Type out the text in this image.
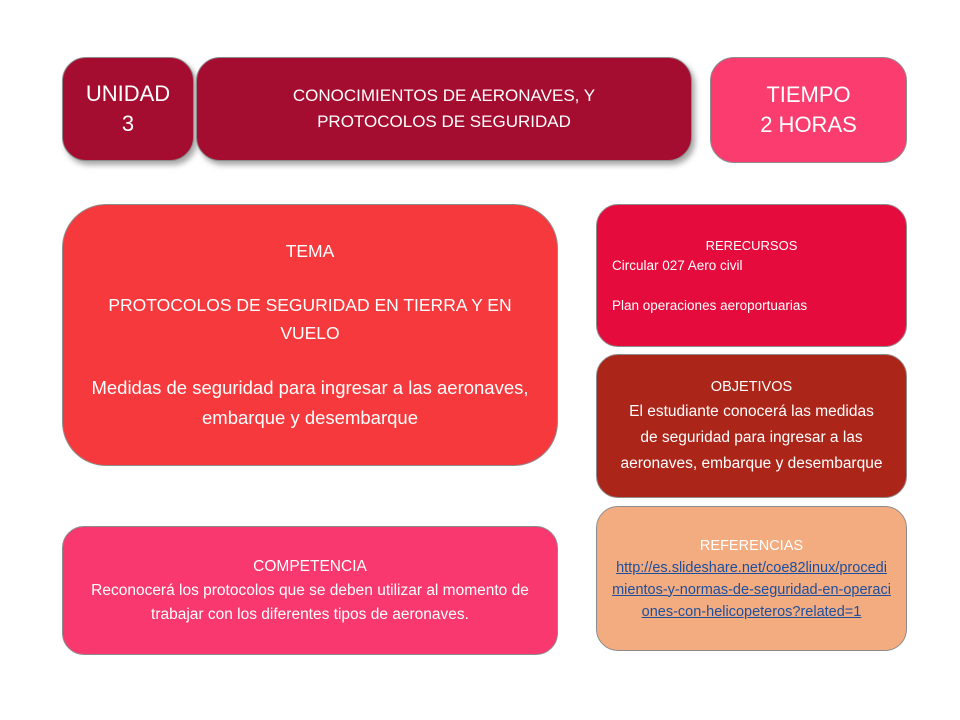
UNIDAD
3
CONOCIMIENTOS DE AERONAVES, Y
PROTOCOLOS DE SEGURIDAD
TIEMPO
2 HORAS
TEMA
PROTOCOLOS DE SEGURIDAD EN TIERRA Y EN VUELO
Medidas de seguridad para ingresar a las aeronaves, embarque y desembarque
RERECURSOS
Circular 027 Aero civil
Plan operaciones aeroportuarias
OBJETIVOS
El estudiante conocerá las medidas de seguridad para ingresar a las aeronaves, embarque y desembarque
REFERENCIAS
http://es.slideshare.net/coe82linux/procedimientos-y-normas-de-seguridad-en-operaciones-con-helicopeteros?related=1
COMPETENCIA
Reconocerá los protocolos que se deben utilizar al momento de trabajar con los diferentes tipos de aeronaves.
